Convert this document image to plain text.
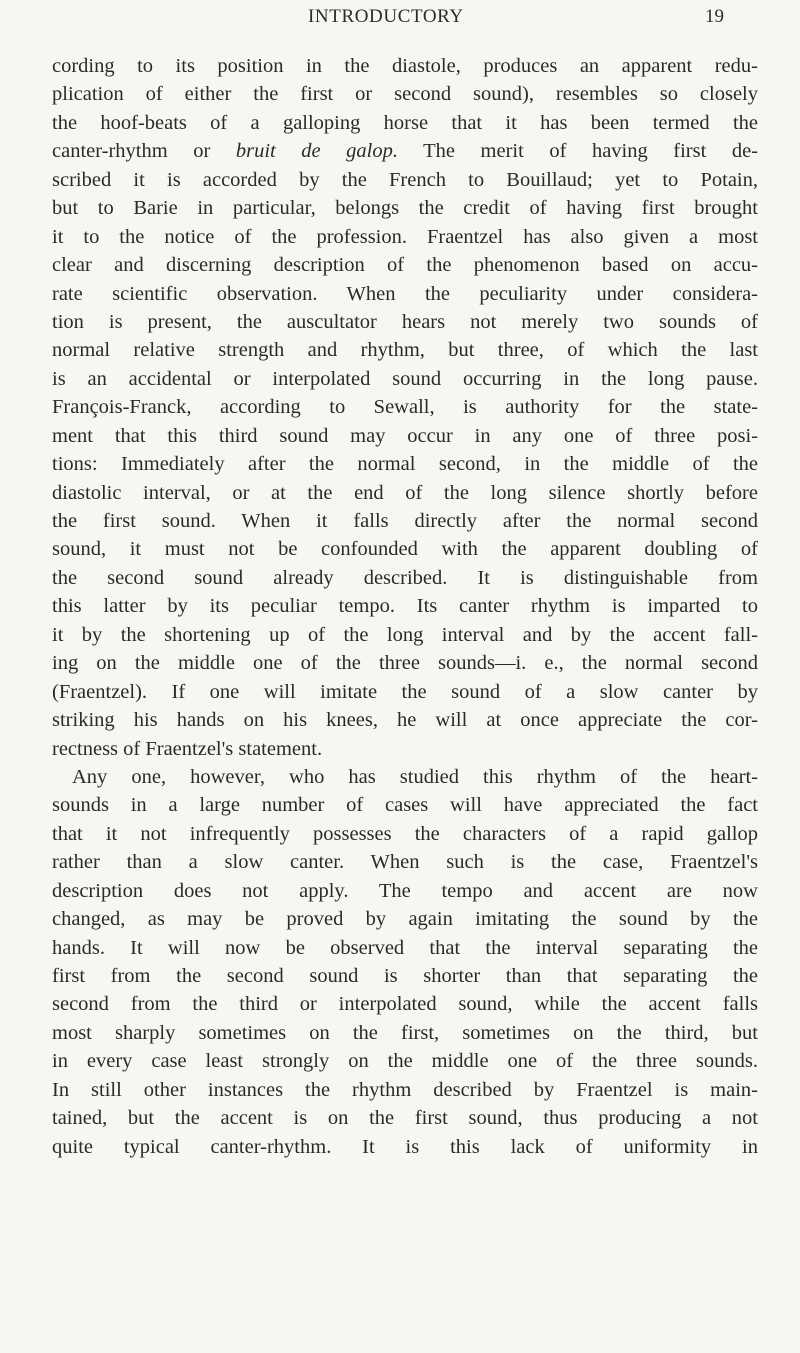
INTRODUCTORY	19
cording to its position in the diastole, produces an apparent redu-
plication of either the first or second sound), resembles so closely
the hoof-beats of a galloping horse that it has been termed the
canter-rhythm or bruit de galop. The merit of having first de-
scribed it is accorded by the French to Bouillaud; yet to Potain,
but to Barie in particular, belongs the credit of having first brought
it to the notice of the profession. Fraentzel has also given a most
clear and discerning description of the phenomenon based on accu-
rate scientific observation. When the peculiarity under considera-
tion is present, the auscultator hears not merely two sounds of
normal relative strength and rhythm, but three, of which the last
is an accidental or interpolated sound occurring in the long pause.
François-Franck, according to Sewall, is authority for the state-
ment that this third sound may occur in any one of three posi-
tions: Immediately after the normal second, in the middle of the
diastolic interval, or at the end of the long silence shortly before
the first sound. When it falls directly after the normal second
sound, it must not be confounded with the apparent doubling of
the second sound already described. It is distinguishable from
this latter by its peculiar tempo. Its canter rhythm is imparted to
it by the shortening up of the long interval and by the accent fall-
ing on the middle one of the three sounds—i. e., the normal second
(Fraentzel). If one will imitate the sound of a slow canter by
striking his hands on his knees, he will at once appreciate the cor-
rectness of Fraentzel's statement.
Any one, however, who has studied this rhythm of the heart-
sounds in a large number of cases will have appreciated the fact
that it not infrequently possesses the characters of a rapid gallop
rather than a slow canter. When such is the case, Fraentzel's
description does not apply. The tempo and accent are now
changed, as may be proved by again imitating the sound by the
hands. It will now be observed that the interval separating the
first from the second sound is shorter than that separating the
second from the third or interpolated sound, while the accent falls
most sharply sometimes on the first, sometimes on the third, but
in every case least strongly on the middle one of the three sounds.
In still other instances the rhythm described by Fraentzel is main-
tained, but the accent is on the first sound, thus producing a not
quite typical canter-rhythm. It is this lack of uniformity in
